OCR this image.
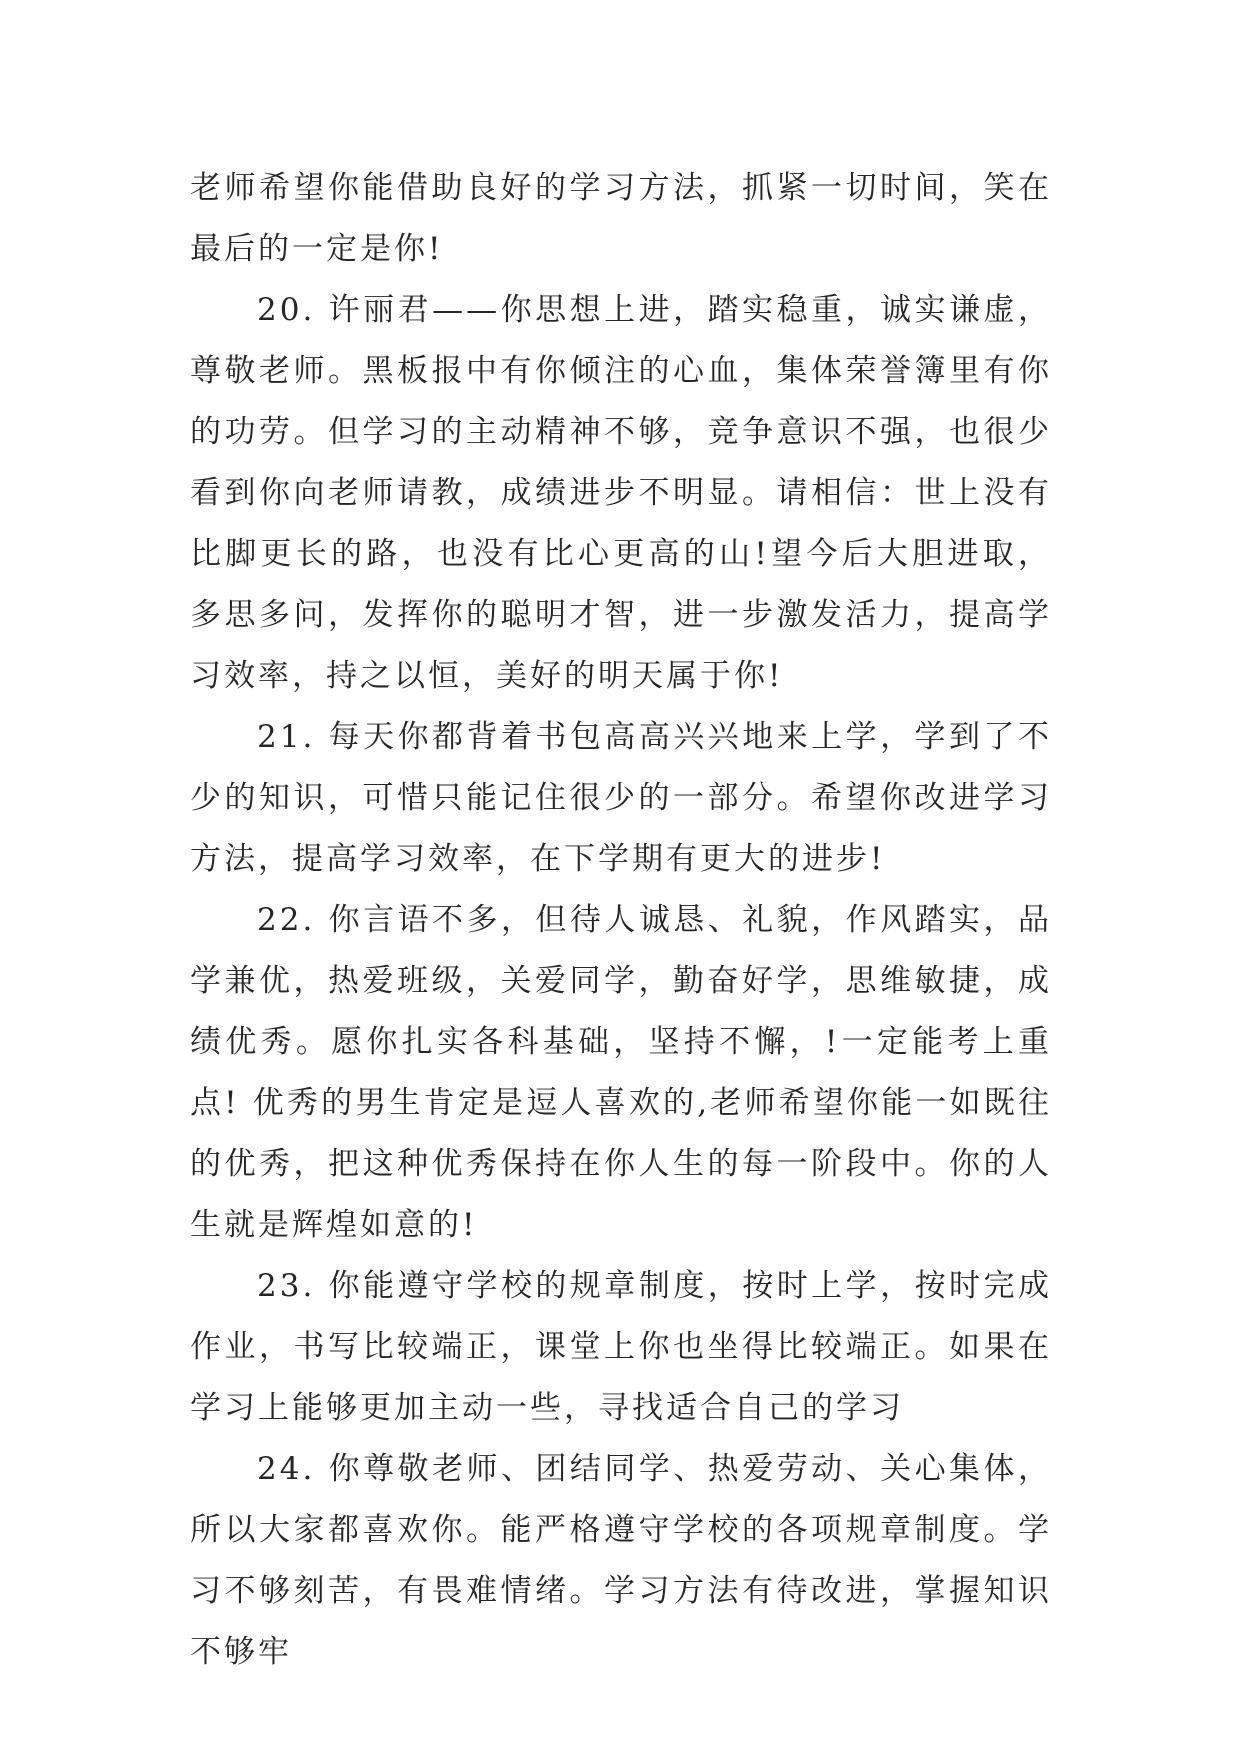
老师希望你能借助良好的学习方法，抓紧一切时间，笑在最后的一定是你!

20. 许丽君——你思想上进，踏实稳重，诚实谦虚，尊敬老师。黑板报中有你倾注的心血，集体荣誉簿里有你的功劳。但学习的主动精神不够，竞争意识不强，也很少看到你向老师请教，成绩进步不明显。请相信：世上没有比脚更长的路，也没有比心更高的山!望今后大胆进取，多思多问，发挥你的聪明才智，进一步激发活力，提高学习效率，持之以恒，美好的明天属于你!

21. 每天你都背着书包高高兴兴地来上学，学到了不少的知识，可惜只能记住很少的一部分。希望你改进学习方法，提高学习效率，在下学期有更大的进步!

22. 你言语不多，但待人诚恳、礼貌，作风踏实，品学兼优，热爱班级，关爱同学，勤奋好学，思维敏捷，成绩优秀。愿你扎实各科基础，坚持不懈，!一定能考上重点! 优秀的男生肯定是逗人喜欢的,老师希望你能一如既往的优秀，把这种优秀保持在你人生的每一阶段中。你的人生就是辉煌如意的!

23. 你能遵守学校的规章制度，按时上学，按时完成作业，书写比较端正，课堂上你也坐得比较端正。如果在学习上能够更加主动一些，寻找适合自己的学习

24. 你尊敬老师、团结同学、热爱劳动、关心集体，所以大家都喜欢你。能严格遵守学校的各项规章制度。学习不够刻苦，有畏难情绪。学习方法有待改进，掌握知识不够牢
